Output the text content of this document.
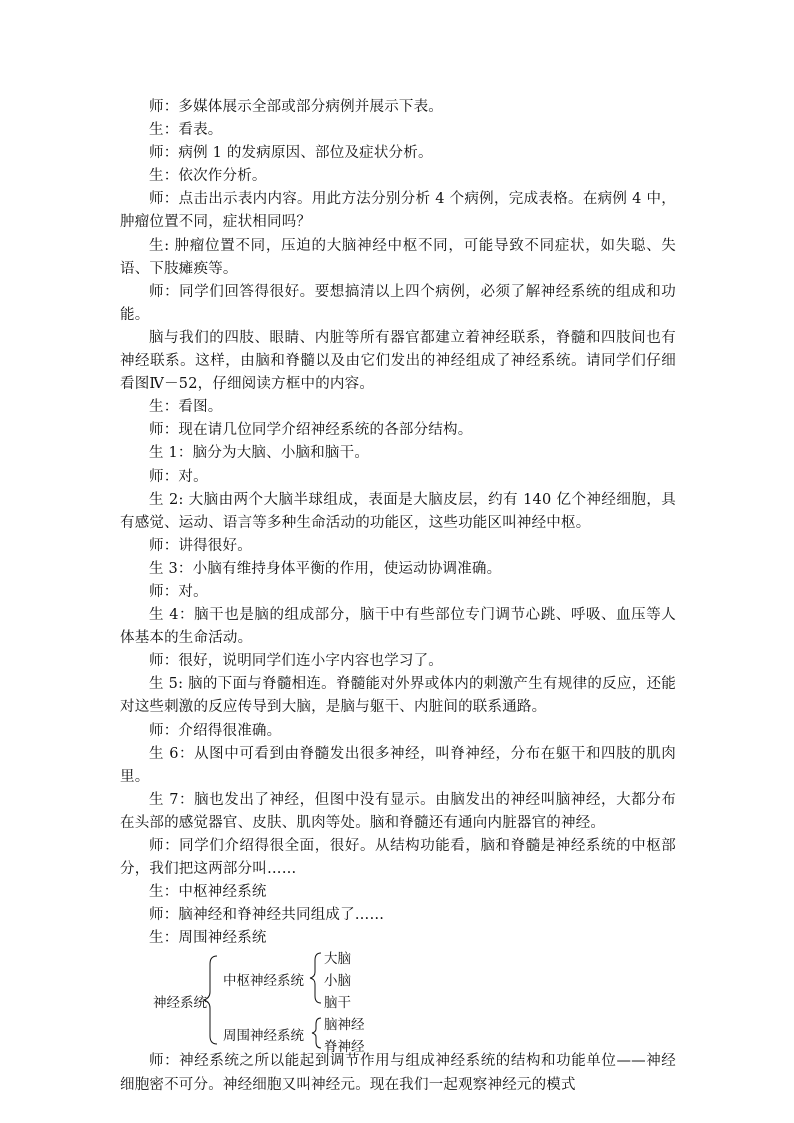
师：多媒体展示全部或部分病例并展示下表。

生：看表。

师：病例 1 的发病原因、部位及症状分析。

生：依次作分析。

师：点击出示表内内容。用此方法分别分析 4 个病例，完成表格。在病例 4 中，肿瘤位置不同，症状相同吗？

生: 肿瘤位置不同，压迫的大脑神经中枢不同，可能导致不同症状，如失聪、失语、下肢瘫痪等。

师：同学们回答得很好。要想搞清以上四个病例，必须了解神经系统的组成和功能。

脑与我们的四肢、眼睛、内脏等所有器官都建立着神经联系，脊髓和四肢间也有神经联系。这样，由脑和脊髓以及由它们发出的神经组成了神经系统。请同学们仔细看图Ⅳ－52，仔细阅读方框中的内容。

生：看图。

师：现在请几位同学介绍神经系统的各部分结构。

生 1：脑分为大脑、小脑和脑干。

师：对。

生 2: 大脑由两个大脑半球组成，表面是大脑皮层，约有 140 亿个神经细胞，具有感觉、运动、语言等多种生命活动的功能区，这些功能区叫神经中枢。

师：讲得很好。

生 3：小脑有维持身体平衡的作用，使运动协调准确。

师：对。

生 4：脑干也是脑的组成部分，脑干中有些部位专门调节心跳、呼吸、血压等人体基本的生命活动。

师：很好，说明同学们连小字内容也学习了。

生 5: 脑的下面与脊髓相连。脊髓能对外界或体内的刺激产生有规律的反应，还能对这些刺激的反应传导到大脑，是脑与躯干、内脏间的联系通路。

师：介绍得很准确。

生 6：从图中可看到由脊髓发出很多神经，叫脊神经，分布在躯干和四肢的肌肉里。

生 7：脑也发出了神经，但图中没有显示。由脑发出的神经叫脑神经，大都分布在头部的感觉器官、皮肤、肌肉等处。脑和脊髓还有通向内脏器官的神经。

师：同学们介绍得很全面，很好。从结构功能看，脑和脊髓是神经系统的中枢部分，我们把这两部分叫……

生：中枢神经系统

师：脑神经和脊神经共同组成了……

生：周围神经系统

神经系统
中枢神经系统
周围神经系统
大脑
小脑
脑干
脑神经
脊神经

师：神经系统之所以能起到调节作用与组成神经系统的结构和功能单位——神经细胞密不可分。神经细胞又叫神经元。现在我们一起观察神经元的模式
